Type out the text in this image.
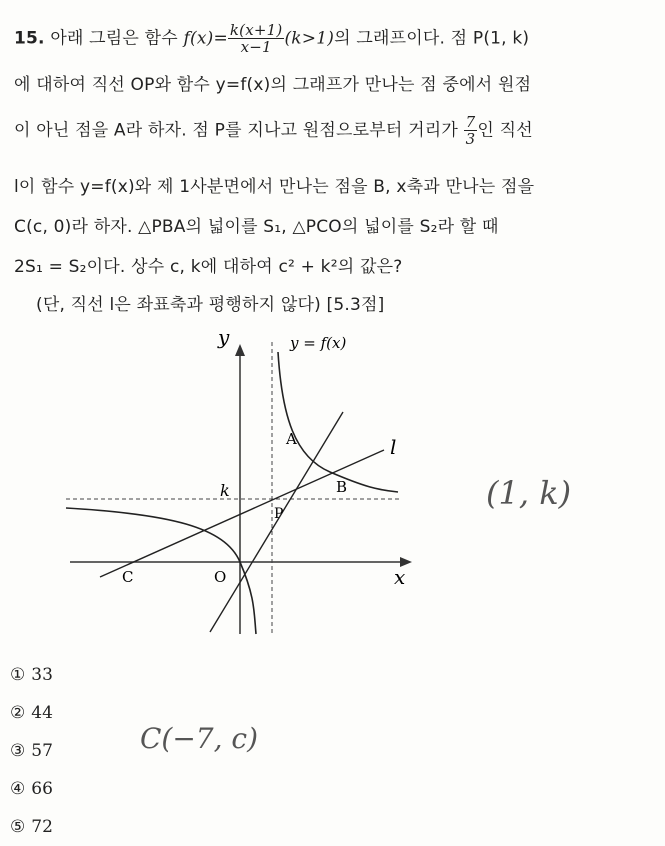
15. 아래 그림은 함수 $f(x)= \frac{k(x+1)}{x-1} (k>1)$의 그래프이다. 점 P(1, k)
에 대하여 직선 OP와 함수 y=f(x)의 그래프가 만나는 점 중에서 원점
이 아닌 점을 A라 하자. 점 P를 지나고 원점으로부터 거리가 $\frac{7}{3}$ 인 직선
l이 함수 y=f(x)와 제 1사분면에서 만나는 점을 B, x축과 만나는 점을
C(c, 0)라 하자. △PBA의 넓이를 S₁, △PCO의 넓이를 S₂라 할 때
2S₁ = S₂이다. 상수 c, k에 대하여 c² + k²의 값은?
(단, 직선 l은 좌표축과 평행하지 않다) [5.3점]
y
x
y = f(x)
l
A
B
C	O
P
k	(1, k)
C(−7, c)
① 33
② 44
③ 57
④ 66
⑤ 72
